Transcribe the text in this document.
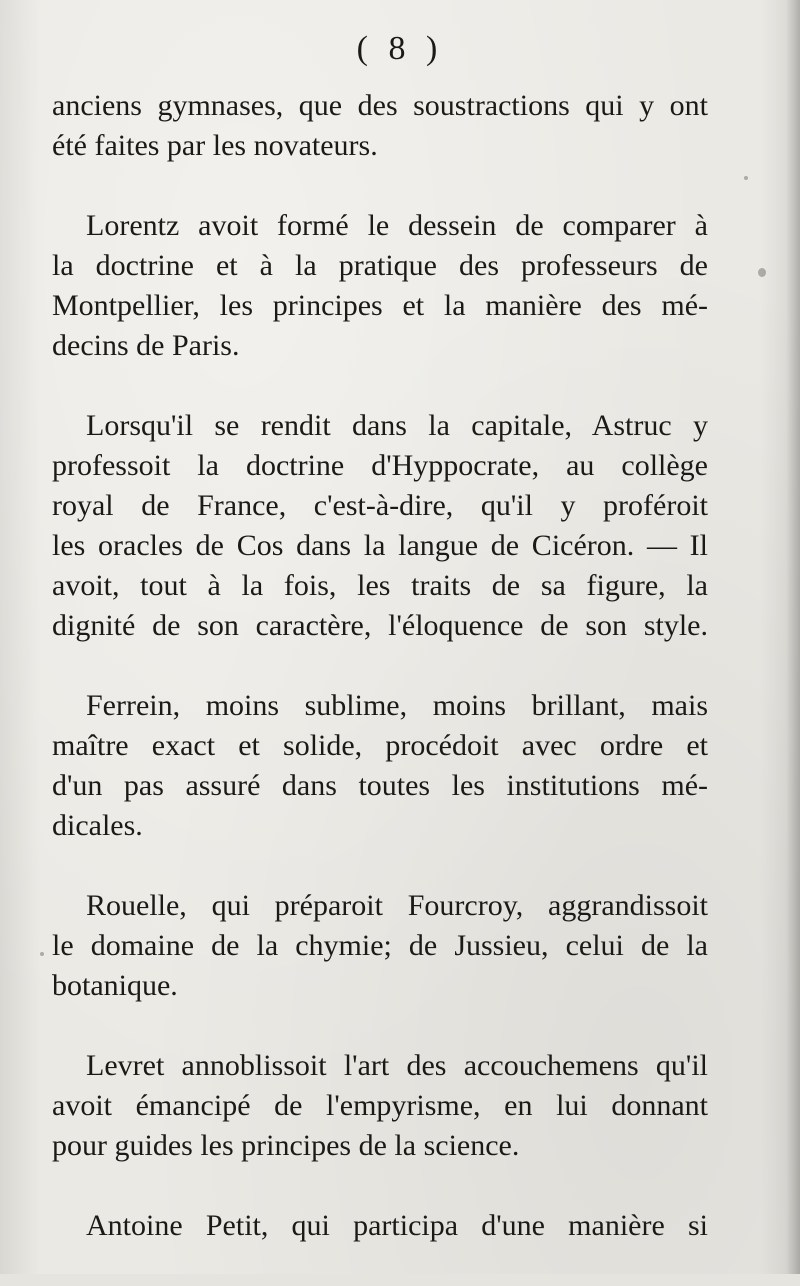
( 8 )

anciens gymnases, que des soustractions qui y ont
été faites par les novateurs.

Lorentz avoit formé le dessein de comparer à
la doctrine et à la pratique des professeurs de
Montpellier, les principes et la manière des mé-
decins de Paris.

Lorsqu'il se rendit dans la capitale, Astruc y
professoit la doctrine d'Hyppocrate, au collège
royal de France, c'est-à-dire, qu'il y proféroit
les oracles de Cos dans la langue de Cicéron. — Il
avoit, tout à la fois, les traits de sa figure, la
dignité de son caractère, l'éloquence de son style.

Ferrein, moins sublime, moins brillant, mais
maître exact et solide, procédoit avec ordre et
d'un pas assuré dans toutes les institutions mé-
dicales.

Rouelle, qui préparoit Fourcroy, aggrandissoit
le domaine de la chymie; de Jussieu, celui de la
botanique.

Levret annoblissoit l'art des accouchemens qu'il
avoit émancipé de l'empyrisme, en lui donnant
pour guides les principes de la science.

Antoine Petit, qui participa d'une manière si
